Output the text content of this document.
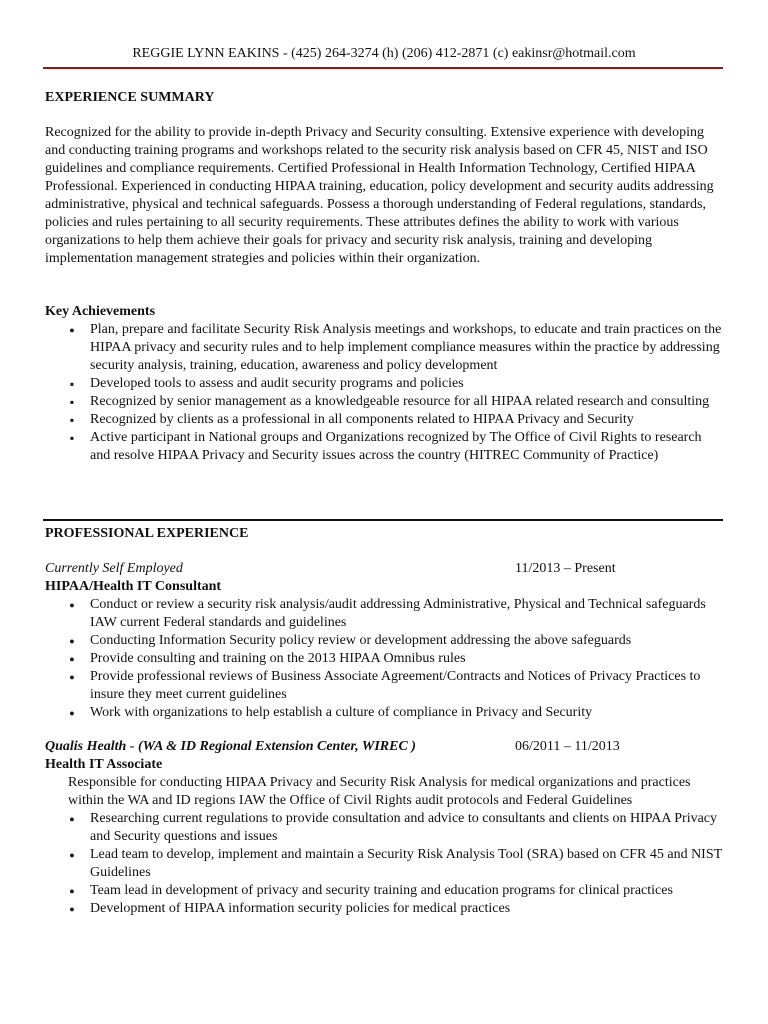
REGGIE LYNN EAKINS - (425) 264-3274 (h) (206) 412-2871 (c) eakinsr@hotmail.com

EXPERIENCE SUMMARY

Recognized for the ability to provide in-depth Privacy and Security consulting. Extensive experience with developing and conducting training programs and workshops related to the security risk analysis based on CFR 45, NIST and ISO guidelines and compliance requirements. Certified Professional in Health Information Technology, Certified HIPAA Professional. Experienced in conducting HIPAA training, education, policy development and security audits addressing administrative, physical and technical safeguards. Possess a thorough understanding of Federal regulations, standards, policies and rules pertaining to all security requirements. These attributes defines the ability to work with various organizations to help them achieve their goals for privacy and security risk analysis, training and developing implementation management strategies and policies within their organization.

Key Achievements

●
Plan, prepare and facilitate Security Risk Analysis meetings and workshops, to educate and train practices on the HIPAA privacy and security rules and to help implement compliance measures within the practice by addressing security analysis, training, education, awareness and policy development
▪
Developed tools to assess and audit security programs and policies
▪
Recognized by senior management as a knowledgeable resource for all HIPAA related research and consulting
▪
Recognized by clients as a professional in all components related to HIPAA Privacy and Security
▪
Active participant in National groups and Organizations recognized by The Office of Civil Rights to research and resolve HIPAA Privacy and Security issues across the country (HITREC Community of Practice)

PROFESSIONAL EXPERIENCE

Currently Self Employed	11/2013 – Present

HIPAA/Health IT Consultant

●
Conduct or review a security risk analysis/audit addressing Administrative, Physical and Technical safeguards IAW current Federal standards and guidelines
●
Conducting Information Security policy review or development addressing the above safeguards
●
Provide consulting and training on the 2013 HIPAA Omnibus rules
●
Provide professional reviews of Business Associate Agreement/Contracts and Notices of Privacy Practices to insure they meet current guidelines
●
Work with organizations to help establish a culture of compliance in Privacy and Security
Qualis Health - (WA & ID Regional Extension Center, WIREC )	06/2011 – 11/2013

Health IT Associate

Responsible for conducting HIPAA Privacy and Security Risk Analysis for medical organizations and practices within the WA and ID regions IAW the Office of Civil Rights audit protocols and Federal Guidelines

●
Researching current regulations to provide consultation and advice to consultants and clients on HIPAA Privacy and Security questions and issues
●
Lead team to develop, implement and maintain a Security Risk Analysis Tool (SRA) based on CFR 45 and NIST Guidelines
●
Team lead in development of privacy and security training and education programs for clinical practices
●
Development of HIPAA information security policies for medical practices
